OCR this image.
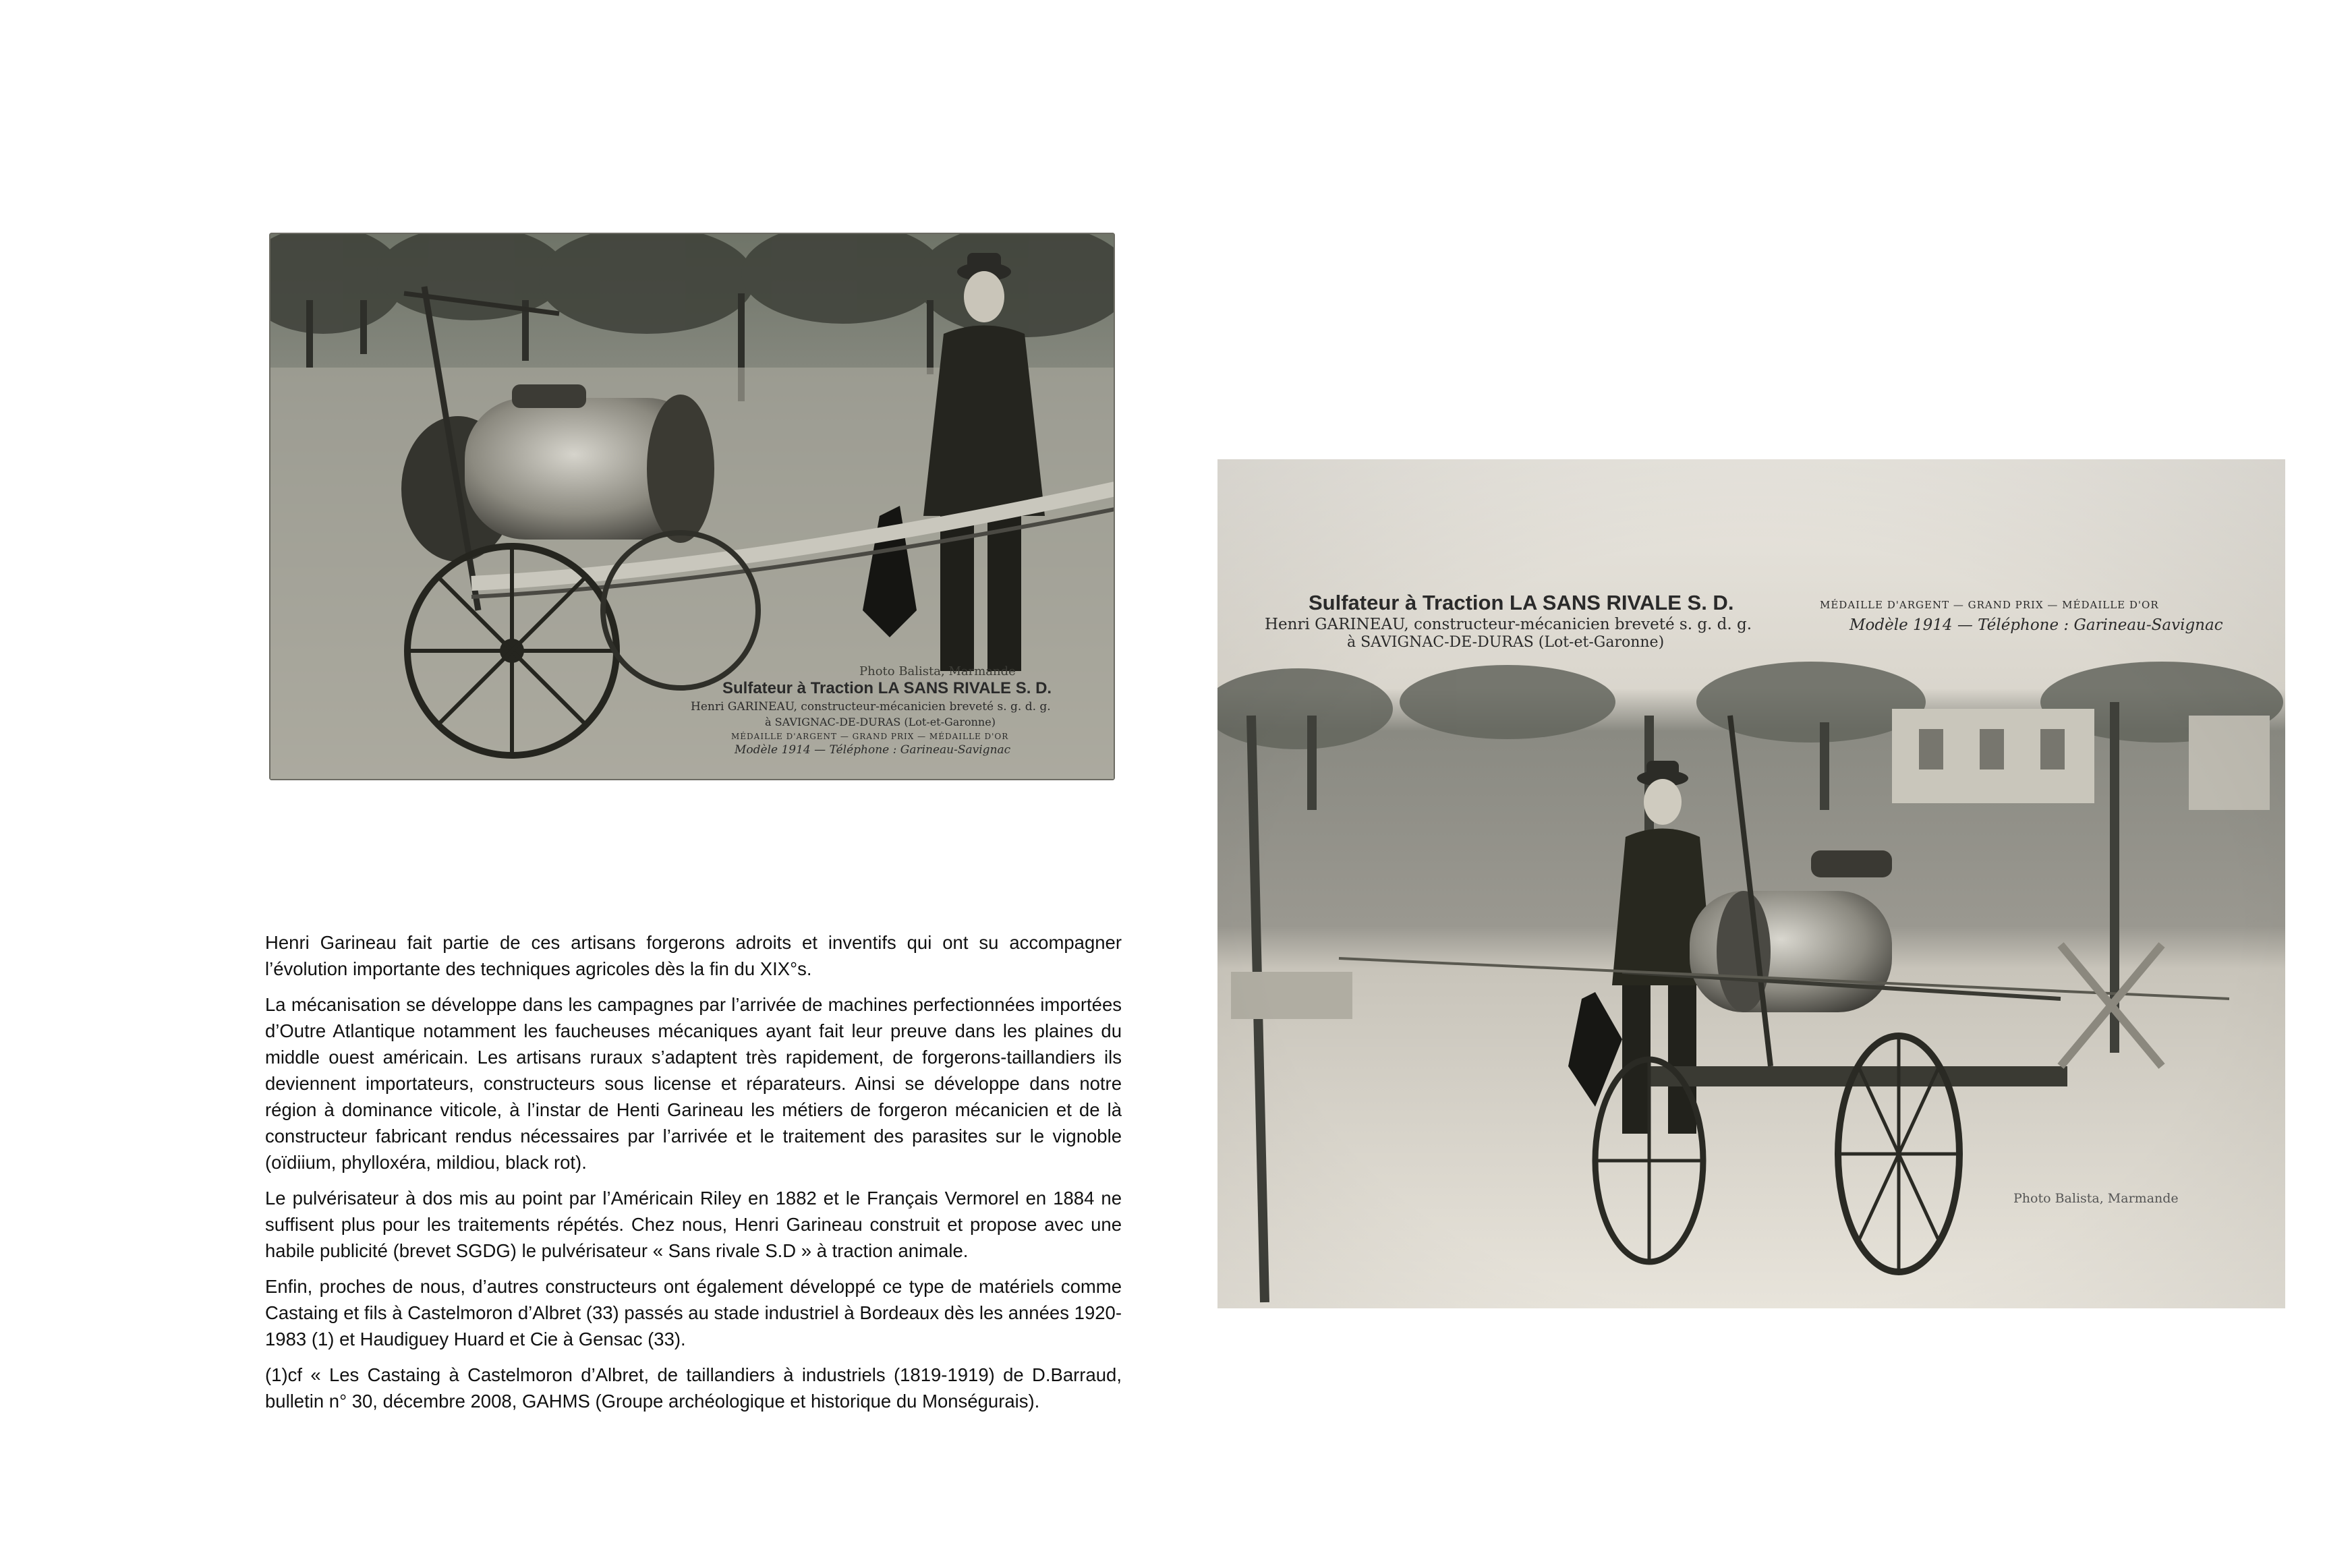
Photo Balista, Marmande
Sulfateur à Traction LA SANS RIVALE S. D.
Henri GARINEAU, constructeur-mécanicien breveté s. g. d. g.
à SAVIGNAC-DE-DURAS (Lot-et-Garonne)
MÉDAILLE D'ARGENT — GRAND PRIX — MÉDAILLE D'OR
Modèle 1914 — Téléphone : Garineau-Savignac
Sulfateur à Traction LA SANS RIVALE S. D.
Henri GARINEAU, constructeur-mécanicien breveté s. g. d. g.
à SAVIGNAC-DE-DURAS (Lot-et-Garonne)
MÉDAILLE D'ARGENT — GRAND PRIX — MÉDAILLE D'OR
Modèle 1914 — Téléphone : Garineau-Savignac
Photo Balista, Marmande

Henri Garineau fait partie de ces artisans forgerons adroits et inventifs qui ont su accompagner l’évolution importante des techniques agricoles dès la fin du XIX°s.

La mécanisation se développe dans les campagnes par l’arrivée de machines perfectionnées importées d’Outre Atlantique notamment les faucheuses mécaniques ayant fait leur preuve dans les plaines du middle ouest américain. Les artisans ruraux s’adaptent très rapidement, de forgerons-taillandiers ils deviennent importateurs, constructeurs sous license et réparateurs. Ainsi se développe dans notre région à dominance viticole, à l’instar de Henti Garineau les métiers de forgeron mécanicien et de là constructeur fabricant rendus nécessaires par l’arrivée et le traitement des parasites sur le vignoble (oïdiium, phylloxéra, mildiou, black rot).

Le pulvérisateur à dos mis au point par l’Américain Riley en 1882 et le Français Vermorel en 1884 ne suffisent plus pour les traitements répétés. Chez nous, Henri Garineau construit et propose avec une habile publicité (brevet SGDG) le pulvérisateur « Sans rivale S.D » à traction animale.

Enfin, proches de nous, d’autres constructeurs ont également développé ce type de matériels comme Castaing et fils à Castelmoron d’Albret (33) passés au stade industriel à Bordeaux dès les années 1920-1983 (1) et Haudiguey Huard et Cie à Gensac (33).

(1)cf « Les Castaing à Castelmoron d’Albret, de taillandiers à industriels (1819-1919) de D.Barraud, bulletin n° 30, décembre 2008, GAHMS (Groupe archéologique et historique du Monségurais).
